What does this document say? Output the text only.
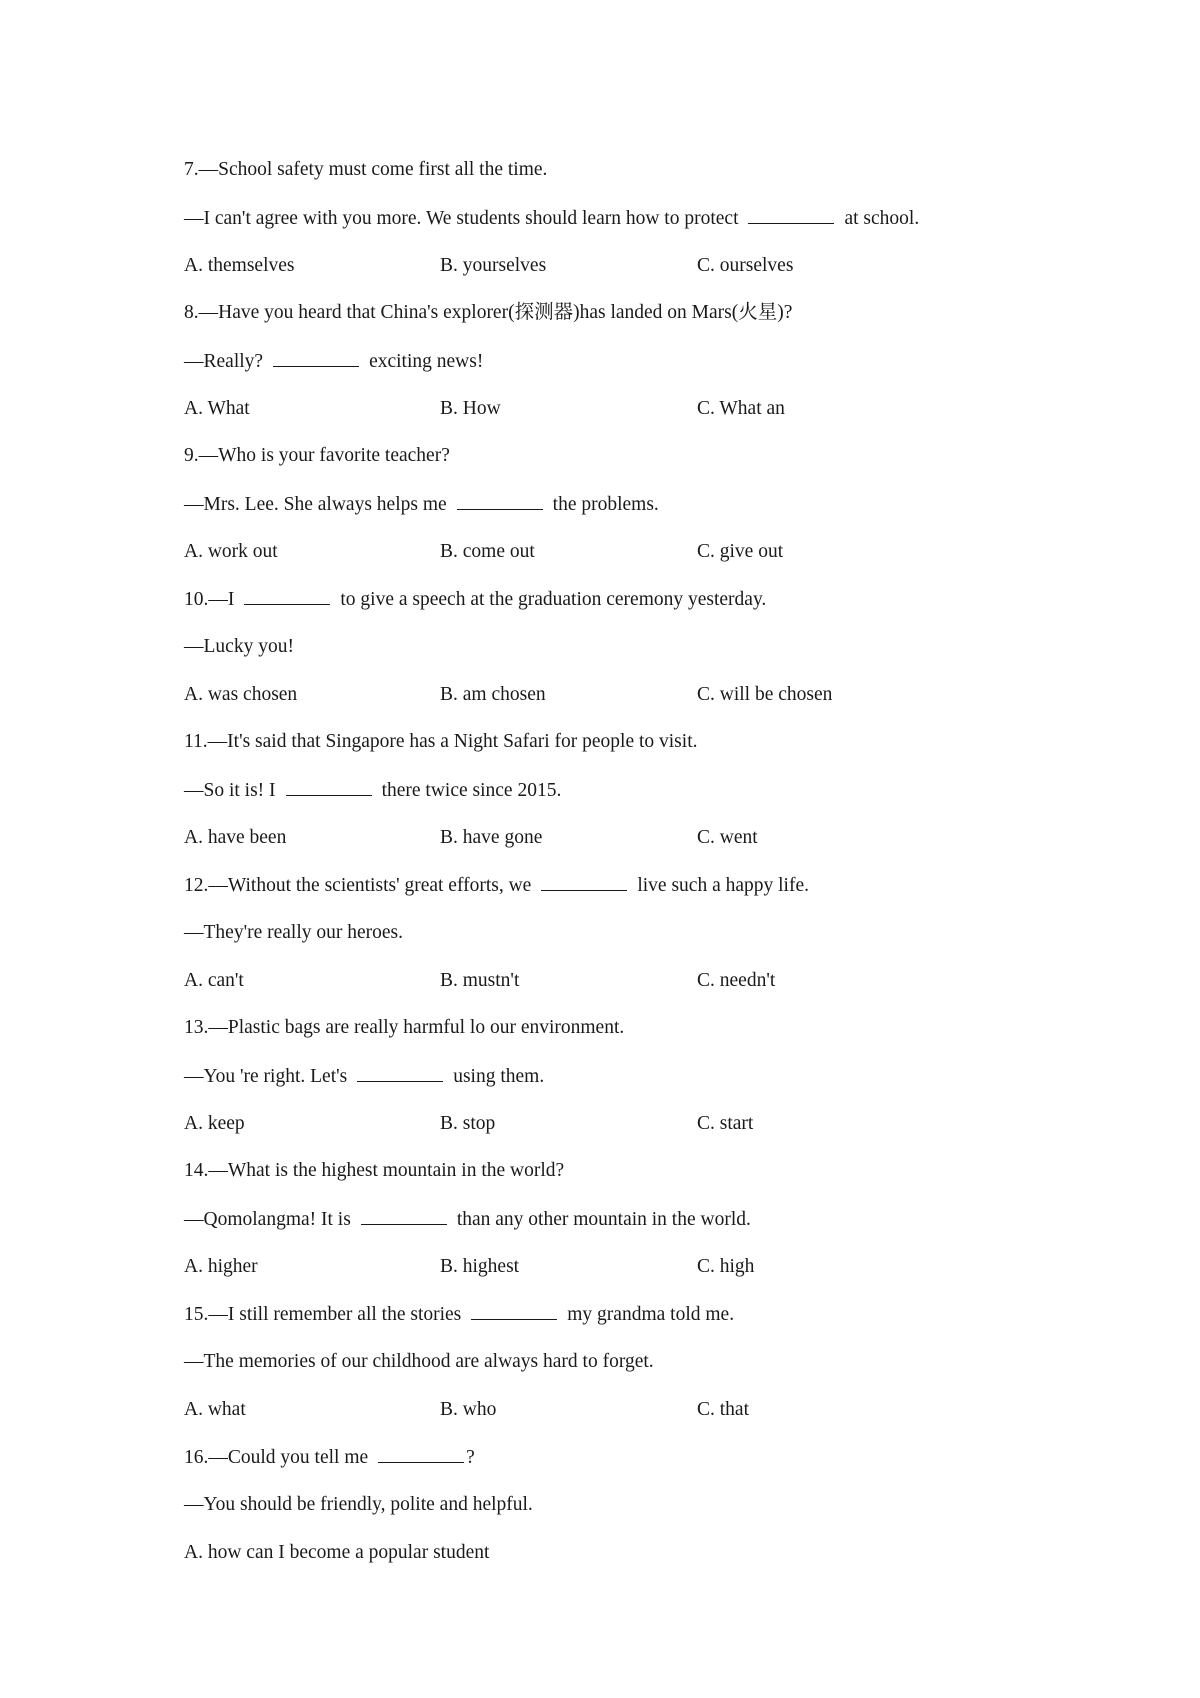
7.—School safety must come first all the time.

—I can't agree with you more. We students should learn how to protect	at school.

A. themselves	B. yourselves	C. ourselves

8.—Have you heard that China's explorer(探测器)has landed on Mars(火星)?

—Really?	exciting news!

A. What	B. How	C. What an

9.—Who is your favorite teacher?

—Mrs. Lee. She always helps me	the problems.

A. work out	B. come out	C. give out

10.—I	to give a speech at the graduation ceremony yesterday.

—Lucky you!

A. was chosen	B. am chosen	C. will be chosen

11.—It's said that Singapore has a Night Safari for people to visit.

—So it is! I	there twice since 2015.

A. have been	B. have gone	C. went

12.—Without the scientists' great efforts, we	live such a happy life.

—They're really our heroes.

A. can't	B. mustn't	C. needn't

13.—Plastic bags are really harmful lo our environment.

—You 're right. Let's	using them.

A. keep	B. stop	C. start

14.—What is the highest mountain in the world?

—Qomolangma! It is	than any other mountain in the world.

A. higher	B. highest	C. high

15.—I still remember all the stories	my grandma told me.

—The memories of our childhood are always hard to forget.

A. what	B. who	C. that

16.—Could you tell me	?

—You should be friendly, polite and helpful.

A. how can I become a popular student
